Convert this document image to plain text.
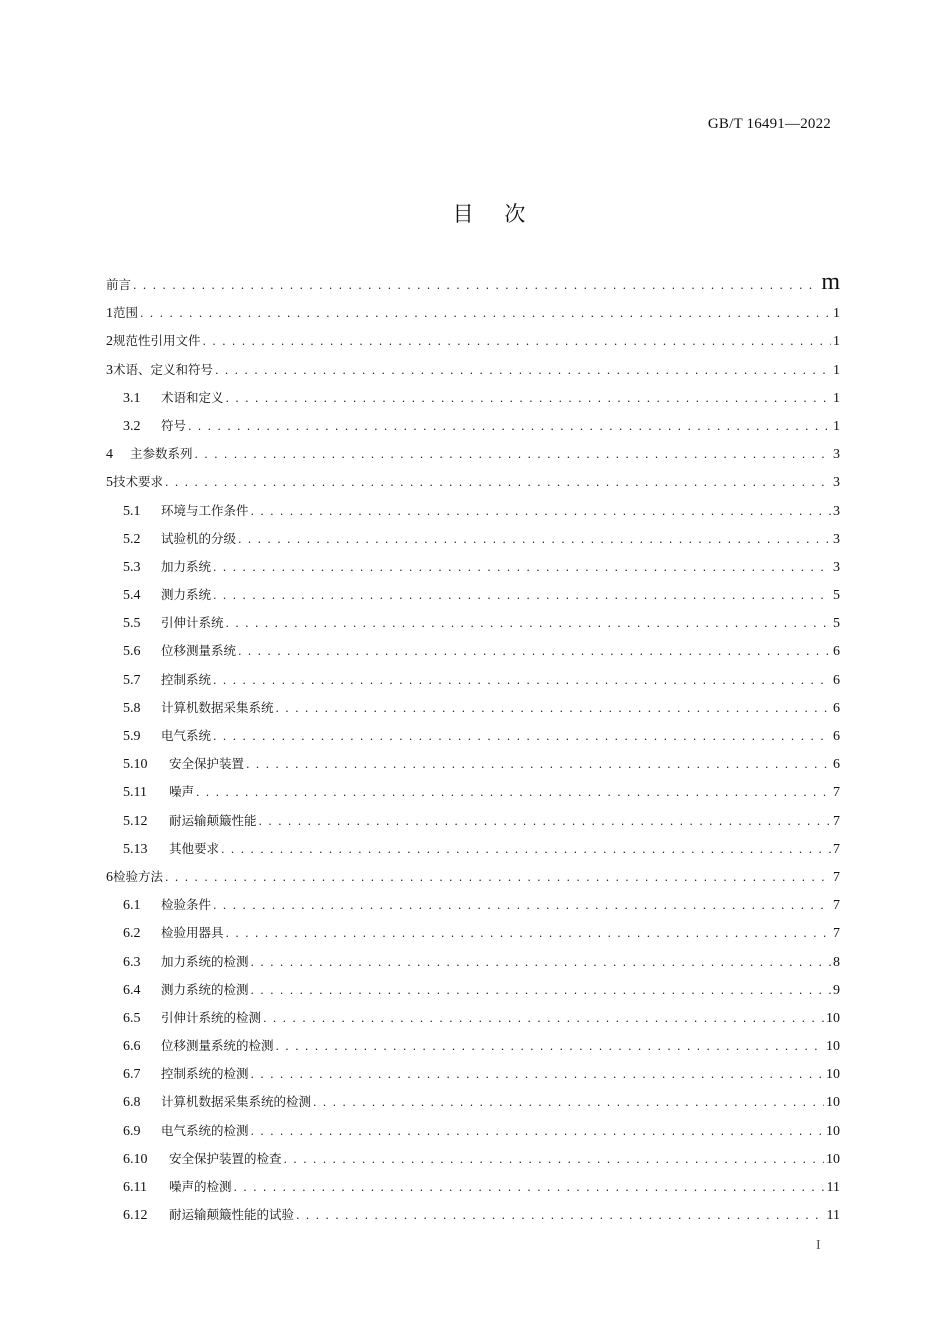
GB/T 16491—2022
目 次
前言 . . .	m
1 范围 . . .	1
2 规范性引用文件 . . .	1
3 术语、定义和符号 . . .	1
3.1	术语和定义 . . .	1
3.2	符号 . . .	1
4	主参数系列 . . .	3
5 技术要求 . . .	3
5.1	环境与工作条件 . . .	3
5.2	试验机的分级 . . .	3
5.3	加力系统 . . .	3
5.4	测力系统 . . .	5
5.5	引伸计系统 . . .	5
5.6	位移测量系统 . . .	6
5.7	控制系统 . . .	6
5.8	计算机数据采集系统 . . .	6
5.9	电气系统 . . .	6
5.10	安全保护装置 . . .	6
5.11	噪声 . . .	7
5.12	耐运输颠簸性能 . . .	7
5.13	其他要求 . . .	7
6 检验方法 . . .	7
6.1	检验条件 . . .	7
6.2	检验用器具 . . .	7
6.3	加力系统的检测 . . .	8
6.4	测力系统的检测 . . .	9
6.5	引伸计系统的检测 . . .	10
6.6	位移测量系统的检测 . . .	10
6.7	控制系统的检测 . . .	10
6.8	计算机数据采集系统的检测 . . .	10
6.9	电气系统的检测 . . .	10
6.10	安全保护装置的检查 . . .	10
6.11	噪声的检测 . . .	11
6.12	耐运输颠簸性能的试验 . . .	11
I
